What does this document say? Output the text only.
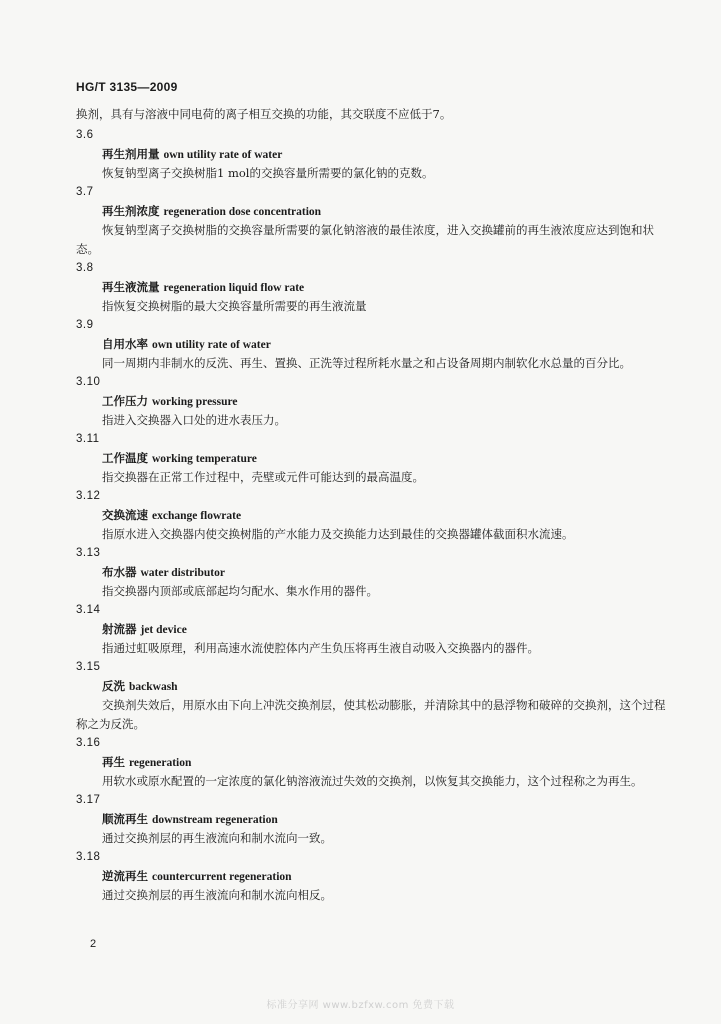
HG/T 3135—2009
换剂，具有与溶液中同电荷的离子相互交换的功能，其交联度不应低于7。
3.6
再生剂用量 own utility rate of water
恢复钠型离子交换树脂1 mol的交换容量所需要的氯化钠的克数。
3.7
再生剂浓度 regeneration dose concentration
恢复钠型离子交换树脂的交换容量所需要的氯化钠溶液的最佳浓度，进入交换罐前的再生液浓度应达到饱和状态。
3.8
再生液流量 regeneration liquid flow rate
指恢复交换树脂的最大交换容量所需要的再生液流量
3.9
自用水率 own utility rate of water
同一周期内非制水的反洗、再生、置换、正洗等过程所耗水量之和占设备周期内制软化水总量的百分比。
3.10
工作压力 working pressure
指进入交换器入口处的进水表压力。
3.11
工作温度 working temperature
指交换器在正常工作过程中，壳壁或元件可能达到的最高温度。
3.12
交换流速 exchange flowrate
指原水进入交换器内使交换树脂的产水能力及交换能力达到最佳的交换器罐体截面积水流速。
3.13
布水器 water distributor
指交换器内顶部或底部起均匀配水、集水作用的器件。
3.14
射流器 jet device
指通过虹吸原理，利用高速水流使腔体内产生负压将再生液自动吸入交换器内的器件。
3.15
反洗 backwash
交换剂失效后，用原水由下向上冲洗交换剂层，使其松动膨胀，并清除其中的悬浮物和破碎的交换剂，这个过程称之为反洗。
3.16
再生 regeneration
用软水或原水配置的一定浓度的氯化钠溶液流过失效的交换剂，以恢复其交换能力，这个过程称之为再生。
3.17
顺流再生 downstream regeneration
通过交换剂层的再生液流向和制水流向一致。
3.18
逆流再生 countercurrent regeneration
通过交换剂层的再生液流向和制水流向相反。
2
标准分享网 www.bzfxw.com 免费下载
